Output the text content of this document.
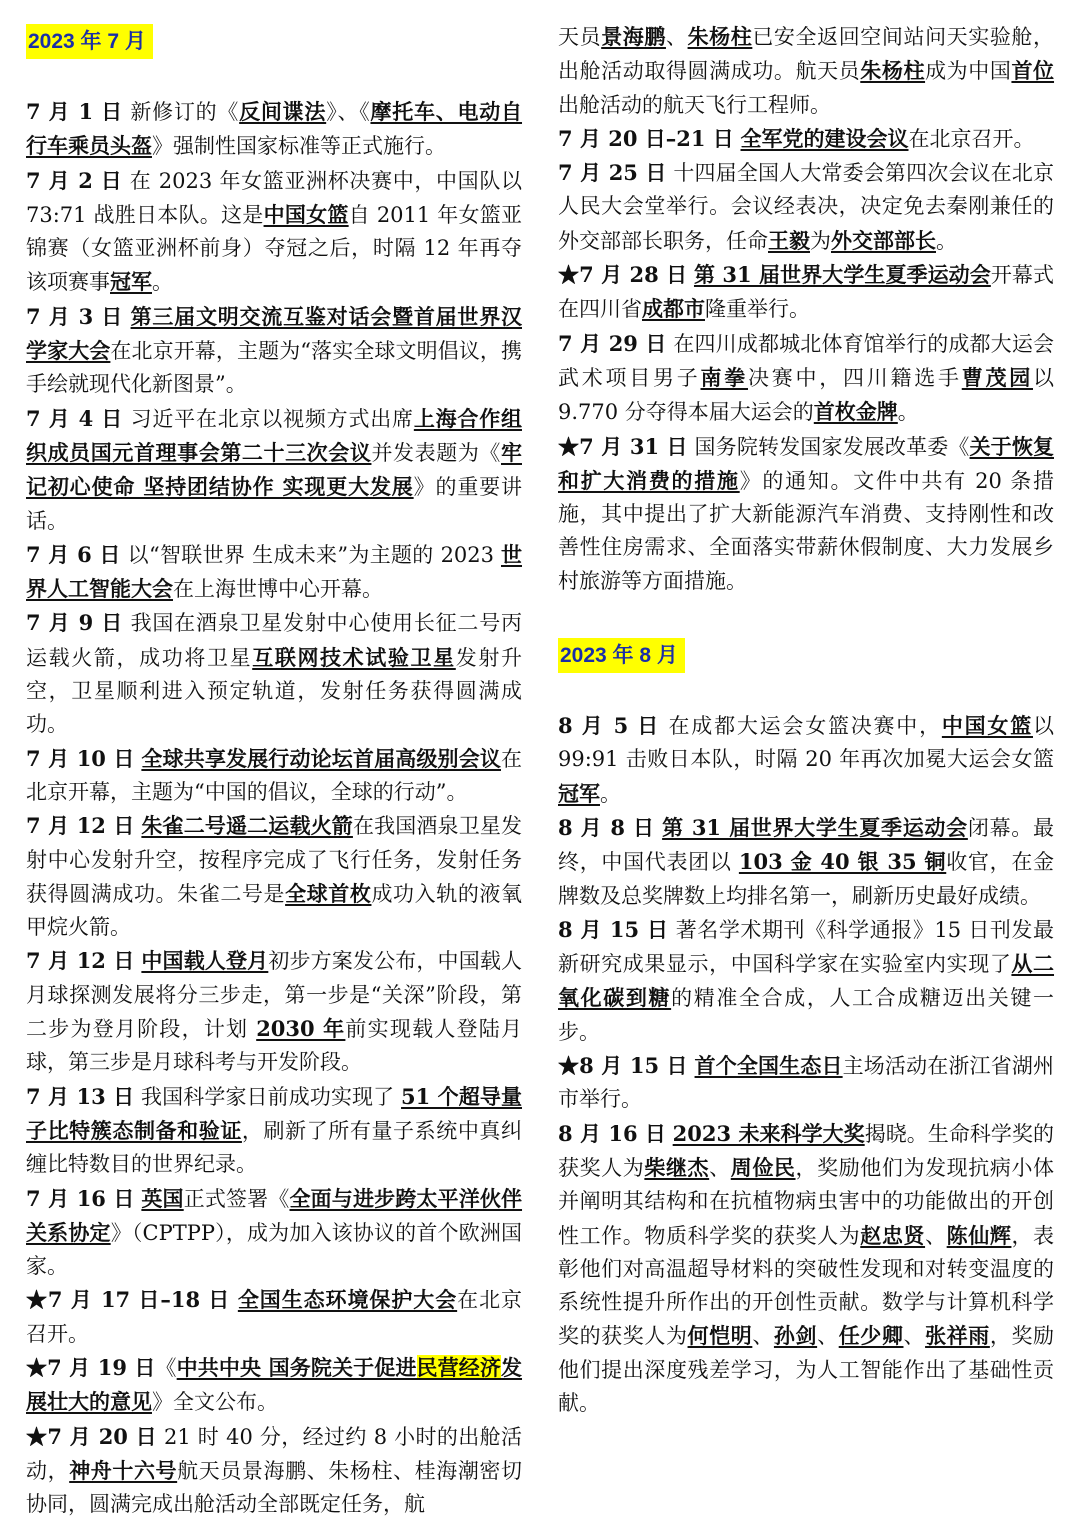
2023 年 7 月

7 月 1 日 新修订的《反间谍法》、《摩托车、电动自行车乘员头盔》强制性国家标准等正式施行。

7 月 2 日 在 2023 年女篮亚洲杯决赛中，中国队以 73:71 战胜日本队。这是中国女篮自 2011 年女篮亚锦赛（女篮亚洲杯前身）夺冠之后，时隔 12 年再夺该项赛事冠军。

7 月 3 日 第三届文明交流互鉴对话会暨首届世界汉学家大会在北京开幕，主题为“落实全球文明倡议，携手绘就现代化新图景”。

7 月 4 日 习近平在北京以视频方式出席上海合作组织成员国元首理事会第二十三次会议并发表题为《牢记初心使命 坚持团结协作 实现更大发展》的重要讲话。

7 月 6 日 以“智联世界 生成未来”为主题的 2023 世界人工智能大会在上海世博中心开幕。

7 月 9 日 我国在酒泉卫星发射中心使用长征二号丙运载火箭，成功将卫星互联网技术试验卫星发射升空，卫星顺利进入预定轨道，发射任务获得圆满成功。

7 月 10 日 全球共享发展行动论坛首届高级别会议在北京开幕，主题为“中国的倡议，全球的行动”。

7 月 12 日 朱雀二号遥二运载火箭在我国酒泉卫星发射中心发射升空，按程序完成了飞行任务，发射任务获得圆满成功。朱雀二号是全球首枚成功入轨的液氧甲烷火箭。

7 月 12 日 中国载人登月初步方案发公布，中国载人月球探测发展将分三步走，第一步是“关深”阶段，第二步为登月阶段，计划 2030 年前实现载人登陆月球，第三步是月球科考与开发阶段。

7 月 13 日 我国科学家日前成功实现了 51 个超导量子比特簇态制备和验证，刷新了所有量子系统中真纠缠比特数目的世界纪录。

7 月 16 日 英国正式签署《全面与进步跨太平洋伙伴关系协定》（CPTPP），成为加入该协议的首个欧洲国家。

★7 月 17 日–18 日 全国生态环境保护大会在北京召开。

★7 月 19 日《中共中央 国务院关于促进民营经济发展壮大的意见》全文公布。

★7 月 20 日 21 时 40 分，经过约 8 小时的出舱活动，神舟十六号航天员景海鹏、朱杨柱、桂海潮密切协同，圆满完成出舱活动全部既定任务，航

天员景海鹏、朱杨柱已安全返回空间站问天实验舱，出舱活动取得圆满成功。航天员朱杨柱成为中国首位出舱活动的航天飞行工程师。

7 月 20 日–21 日 全军党的建设会议在北京召开。

7 月 25 日 十四届全国人大常委会第四次会议在北京人民大会堂举行。会议经表决，决定免去秦刚兼任的外交部部长职务，任命王毅为外交部部长。

★7 月 28 日 第 31 届世界大学生夏季运动会开幕式在四川省成都市隆重举行。

7 月 29 日 在四川成都城北体育馆举行的成都大运会武术项目男子南拳决赛中，四川籍选手曹茂园以 9.770 分夺得本届大运会的首枚金牌。

★7 月 31 日 国务院转发国家发展改革委《关于恢复和扩大消费的措施》的通知。文件中共有 20 条措施，其中提出了扩大新能源汽车消费、支持刚性和改善性住房需求、全面落实带薪休假制度、大力发展乡村旅游等方面措施。

2023 年 8 月

8 月 5 日 在成都大运会女篮决赛中，中国女篮以 99:91 击败日本队，时隔 20 年再次加冕大运会女篮冠军。

8 月 8 日 第 31 届世界大学生夏季运动会闭幕。最终，中国代表团以 103 金 40 银 35 铜收官，在金牌数及总奖牌数上均排名第一，刷新历史最好成绩。

8 月 15 日 著名学术期刊《科学通报》15 日刊发最新研究成果显示，中国科学家在实验室内实现了从二氧化碳到糖的精准全合成，人工合成糖迈出关键一步。

★8 月 15 日 首个全国生态日主场活动在浙江省湖州市举行。

8 月 16 日 2023 未来科学大奖揭晓。生命科学奖的获奖人为柴继杰、周俭民，奖励他们为发现抗病小体并阐明其结构和在抗植物病虫害中的功能做出的开创性工作。物质科学奖的获奖人为赵忠贤、陈仙辉，表彰他们对高温超导材料的突破性发现和对转变温度的系统性提升所作出的开创性贡献。数学与计算机科学奖的获奖人为何恺明、孙剑、任少卿、张祥雨，奖励他们提出深度残差学习，为人工智能作出了基础性贡献。
